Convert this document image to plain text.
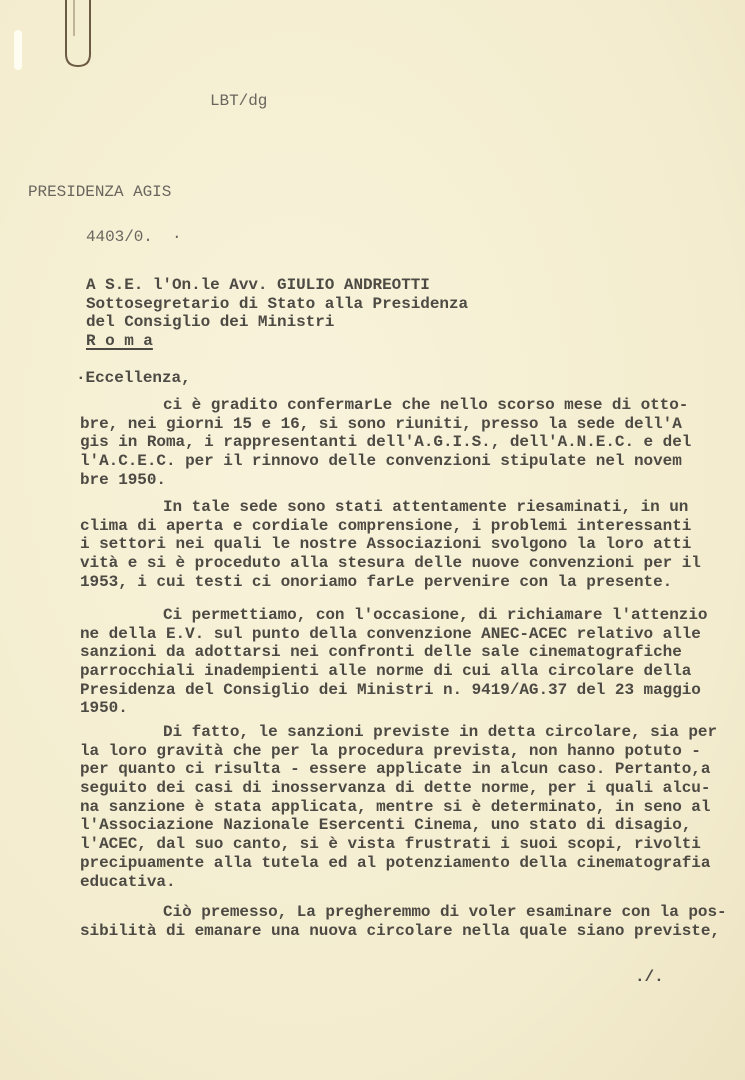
LBT/dg
PRESIDENZA AGIS
4403/0.  ·
A S.E. l'On.le Avv. GIULIO ANDREOTTI
Sottosegretario di Stato alla Presidenza
del Consiglio dei Ministri
R o m a
·Eccellenza,
ci è gradito confermarLe che nello scorso mese di otto-
bre, nei giorni 15 e 16, si sono riuniti, presso la sede dell'A
gis in Roma, i rappresentanti dell'A.G.I.S., dell'A.N.E.C. e del
l'A.C.E.C. per il rinnovo delle convenzioni stipulate nel novem
bre 1950.
In tale sede sono stati attentamente riesaminati, in un
clima di aperta e cordiale comprensione, i problemi interessanti
i settori nei quali le nostre Associazioni svolgono la loro atti
vità e si è proceduto alla stesura delle nuove convenzioni per il
1953, i cui testi ci onoriamo farLe pervenire con la presente.
Ci permettiamo, con l'occasione, di richiamare l'attenzio
ne della E.V. sul punto della convenzione ANEC-ACEC relativo alle
sanzioni da adottarsi nei confronti delle sale cinematografiche
parrocchiali inadempienti alle norme di cui alla circolare della
Presidenza del Consiglio dei Ministri n. 9419/AG.37 del 23 maggio
1950.
Di fatto, le sanzioni previste in detta circolare, sia per
la loro gravità che per la procedura prevista, non hanno potuto -
per quanto ci risulta - essere applicate in alcun caso. Pertanto,a
seguito dei casi di inosservanza di dette norme, per i quali alcu-
na sanzione è stata applicata, mentre si è determinato, in seno al
l'Associazione Nazionale Esercenti Cinema, uno stato di disagio,
l'ACEC, dal suo canto, si è vista frustrati i suoi scopi, rivolti
precipuamente alla tutela ed al potenziamento della cinematografia
educativa.
Ciò premesso, La pregheremmo di voler esaminare con la pos-
sibilità di emanare una nuova circolare nella quale siano previste,
./.
